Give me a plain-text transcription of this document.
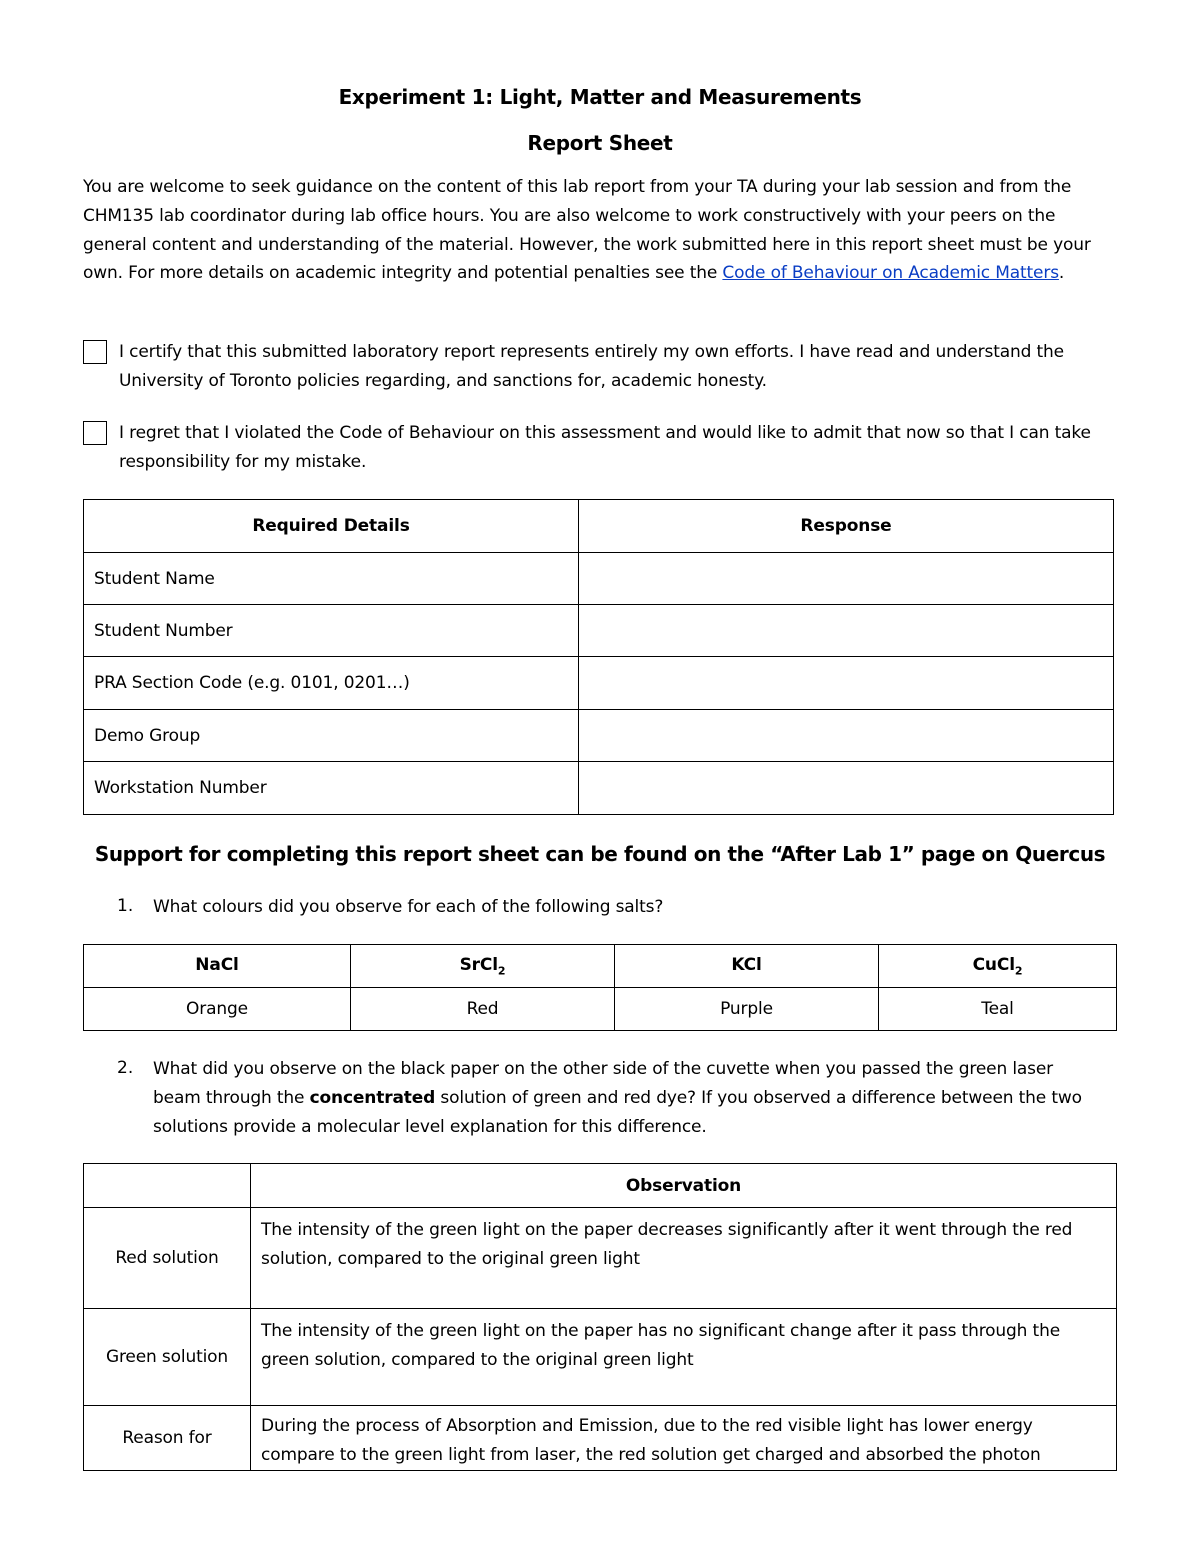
Experiment 1: Light, Matter and Measurements
Report Sheet
You are welcome to seek guidance on the content of this lab report from your TA during your lab session and from the CHM135 lab coordinator during lab office hours. You are also welcome to work constructively with your peers on the general content and understanding of the material. However, the work submitted here in this report sheet must be your own. For more details on academic integrity and potential penalties see the Code of Behaviour on Academic Matters.
I certify that this submitted laboratory report represents entirely my own efforts. I have read and understand the University of Toronto policies regarding, and sanctions for, academic honesty.
I regret that I violated the Code of Behaviour on this assessment and would like to admit that now so that I can take responsibility for my mistake.
Required Details	Response
Student Name	
Student Number	
PRA Section Code (e.g. 0101, 0201…)	
Demo Group	
Workstation Number	
Support for completing this report sheet can be found on the “After Lab 1” page on Quercus
1. What colours did you observe for each of the following salts?
NaCl	SrCl$_2$	KCl	CuCl$_2$
Orange	Red	Purple	Teal
2. What did you observe on the black paper on the other side of the cuvette when you passed the green laser beam through the concentrated solution of green and red dye? If you observed a difference between the two solutions provide a molecular level explanation for this difference.
	Observation
Red solution	The intensity of the green light on the paper decreases significantly after it went through the red solution, compared to the original green light
Green solution	The intensity of the green light on the paper has no significant change after it pass through the green solution, compared to the original green light
Reason for	During the process of Absorption and Emission, due to the red visible light has lower energy compare to the green light from laser, the red solution get charged and absorbed the photon
